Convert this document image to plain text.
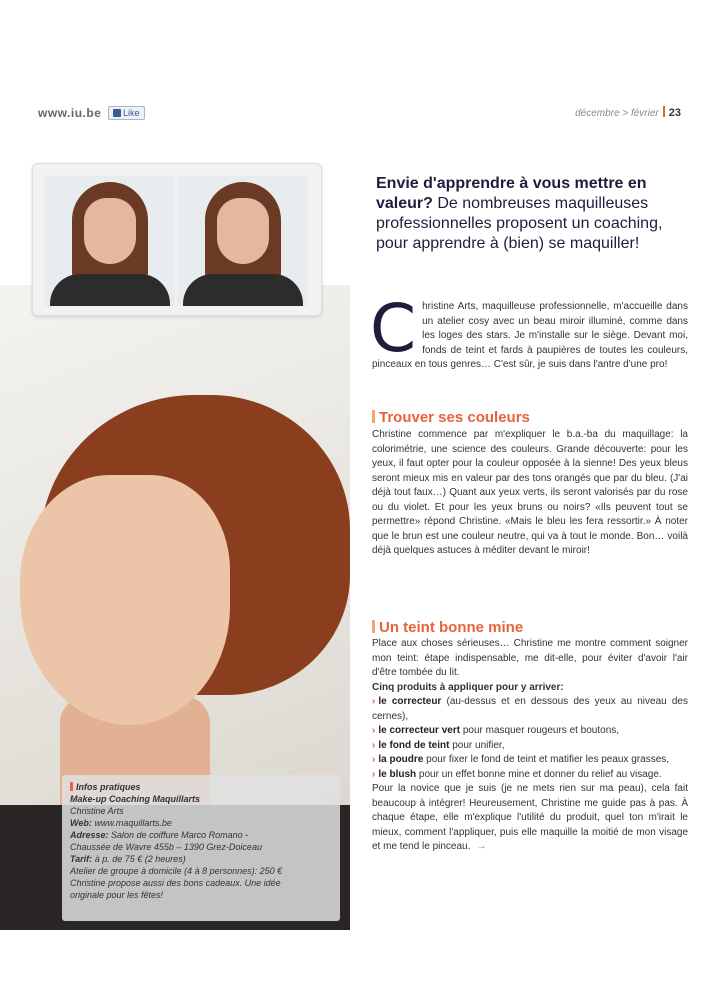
www.iu.be	Like	décembre > février 23
Infos pratiques
Make-up Coaching Maquillarts
Christine Arts
Web: www.maquillarts.be
Adresse: Salon de coiffure Marco Romano -
Chaussée de Wavre 455b – 1390 Grez-Doiceau
Tarif: à p. de 75 € (2 heures)
Atelier de groupe à domicile (4 à 8 personnes): 250 €
Christine propose aussi des bons cadeaux. Une idée
originale pour les fêtes!
Envie d'apprendre à vous mettre en valeur? De nombreuses maquilleuses professionnelles proposent un coaching, pour apprendre à (bien) se maquiller!
C hristine Arts, maquilleuse professionnelle, m'accueille dans un atelier cosy avec un beau miroir illuminé, comme dans les loges des stars. Je m'installe sur le siège. Devant moi, fonds de teint et fards à paupières de toutes les couleurs, pinceaux en tous genres… C'est sûr, je suis dans l'antre d'une pro!
Trouver ses couleurs
Christine commence par m'expliquer le b.a.-ba du maquillage: la colorimétrie, une science des couleurs. Grande découverte: pour les yeux, il faut opter pour la couleur opposée à la sienne! Des yeux bleus seront mieux mis en valeur par des tons orangés que par du bleu. (J'ai déjà tout faux…) Quant aux yeux verts, ils seront valorisés par du rose ou du violet. Et pour les yeux bruns ou noirs? «Ils peuvent tout se permettre» répond Christine. «Mais le bleu les fera ressortir.» À noter que le brun est une couleur neutre, qui va à tout le monde. Bon… voilà déjà quelques astuces à méditer devant le miroir!
Un teint bonne mine
Place aux choses sérieuses… Christine me montre comment soigner mon teint: étape indispensable, me dit-elle, pour éviter d'avoir l'air d'être tombée du lit.
Cinq produits à appliquer pour y arriver:
› le correcteur (au-dessus et en dessous des yeux au niveau des cernes),
› le correcteur vert pour masquer rougeurs et boutons,
› le fond de teint pour unifier,
› la poudre pour fixer le fond de teint et matifier les peaux grasses,
› le blush pour un effet bonne mine et donner du relief au visage.
Pour la novice que je suis (je ne mets rien sur ma peau), cela fait beaucoup à intégrer! Heureusement, Christine me guide pas à pas. À chaque étape, elle m'explique l'utilité du produit, quel ton m'irait le mieux, comment l'appliquer, puis elle maquille la moitié de mon visage et me tend le pinceau. →
